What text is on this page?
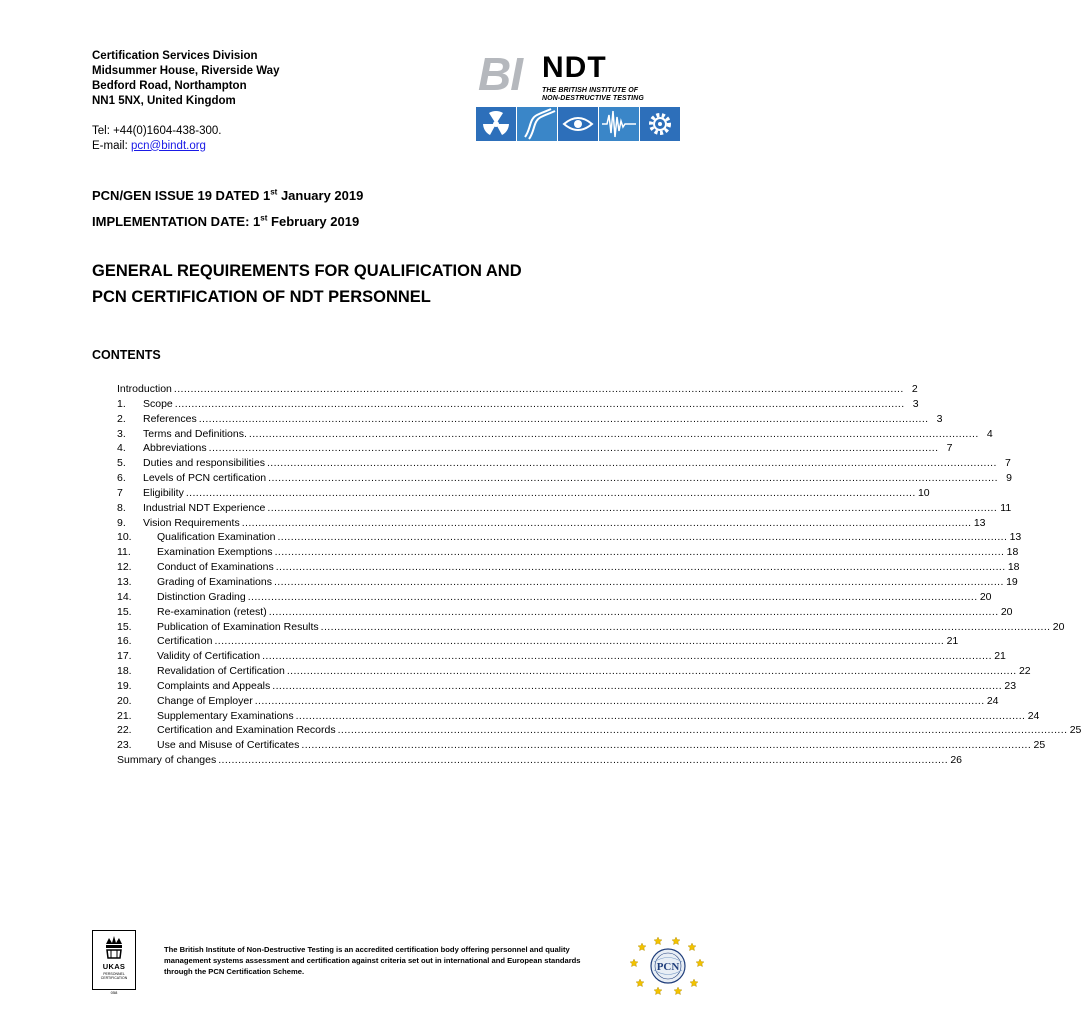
Certification Services Division
Midsummer House, Riverside Way
Bedford Road, Northampton
NN1 5NX, United Kingdom
Tel: +44(0)1604-438-300.
E-mail: pcn@bindt.org
BI NDT
THE BRITISH INSTITUTE OF
NON-DESTRUCTIVE TESTING
PCN/GEN ISSUE 19 DATED 1st January 2019
IMPLEMENTATION DATE: 1st February 2019
GENERAL REQUIREMENTS FOR QUALIFICATION AND
PCN CERTIFICATION OF NDT PERSONNEL
CONTENTS
Introduction ............................................................................................................................................................................................................................ 2
1.	Scope ............................................................................................................................................................................................................................ 3
2.	References ............................................................................................................................................................................................................................ 3
3.	Terms and Definitions. ............................................................................................................................................................................................................................ 4
4.	Abbreviations ............................................................................................................................................................................................................................ 7
5.	Duties and responsibilities ............................................................................................................................................................................................................................ 7
6.	Levels of PCN certification ............................................................................................................................................................................................................................ 9
7	Eligibility ............................................................................................................................................................................................................................ 10
8.	Industrial NDT Experience ............................................................................................................................................................................................................................ 11
9.	Vision Requirements ............................................................................................................................................................................................................................ 13
10.	Qualification Examination ............................................................................................................................................................................................................................ 13
11.	Examination Exemptions ............................................................................................................................................................................................................................ 18
12.	Conduct of Examinations ............................................................................................................................................................................................................................ 18
13.	Grading of Examinations ............................................................................................................................................................................................................................ 19
14.	Distinction Grading ............................................................................................................................................................................................................................ 20
15.	Re-examination (retest) ............................................................................................................................................................................................................................ 20
15.	Publication of Examination Results ............................................................................................................................................................................................................................ 20
16.	Certification ............................................................................................................................................................................................................................ 21
17.	Validity of Certification ............................................................................................................................................................................................................................ 21
18.	Revalidation of Certification ............................................................................................................................................................................................................................ 22
19.	Complaints and Appeals ............................................................................................................................................................................................................................ 23
20.	Change of Employer ............................................................................................................................................................................................................................ 24
21.	Supplementary Examinations ............................................................................................................................................................................................................................ 24
22.	Certification and Examination Records ............................................................................................................................................................................................................................ 25
23.	Use and Misuse of Certificates ............................................................................................................................................................................................................................ 25
Summary of changes ............................................................................................................................................................................................................................ 26
UKAS
PERSONNEL CERTIFICATION
058
The British Institute of Non-Destructive Testing is an accredited certification body offering personnel and quality management systems assessment and certification against criteria set out in international and European standards through the PCN Certification Scheme.	PCN
